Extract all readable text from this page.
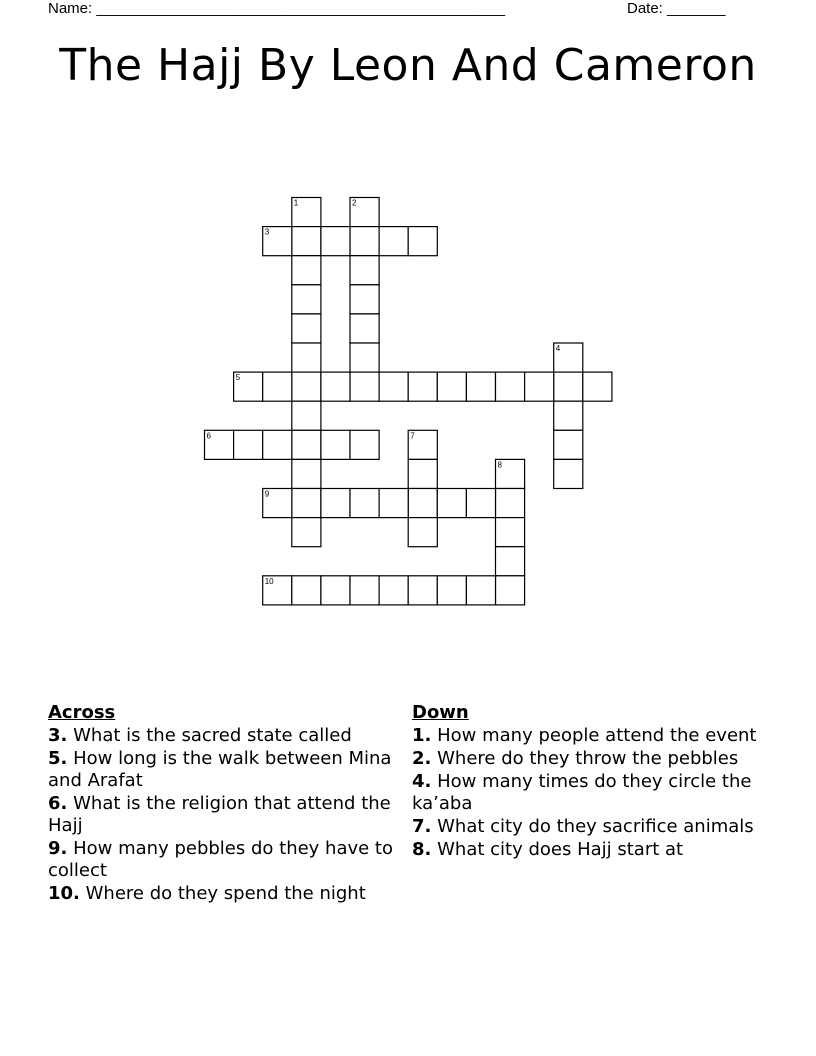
Name: _________________________________________________

	Date: _______

The Hajj By Leon And Cameron
1	2
3
4
5
6	7
8
9
10
Across
3. What is the sacred state called
5. How long is the walk between Mina and Arafat
6. What is the religion that attend the Hajj
9. How many pebbles do they have to collect
10. Where do they spend the night
Down
1. How many people attend the event
2. Where do they throw the pebbles
4. How many times do they circle the ka’aba
7. What city do they sacrifice animals
8. What city does Hajj start at
